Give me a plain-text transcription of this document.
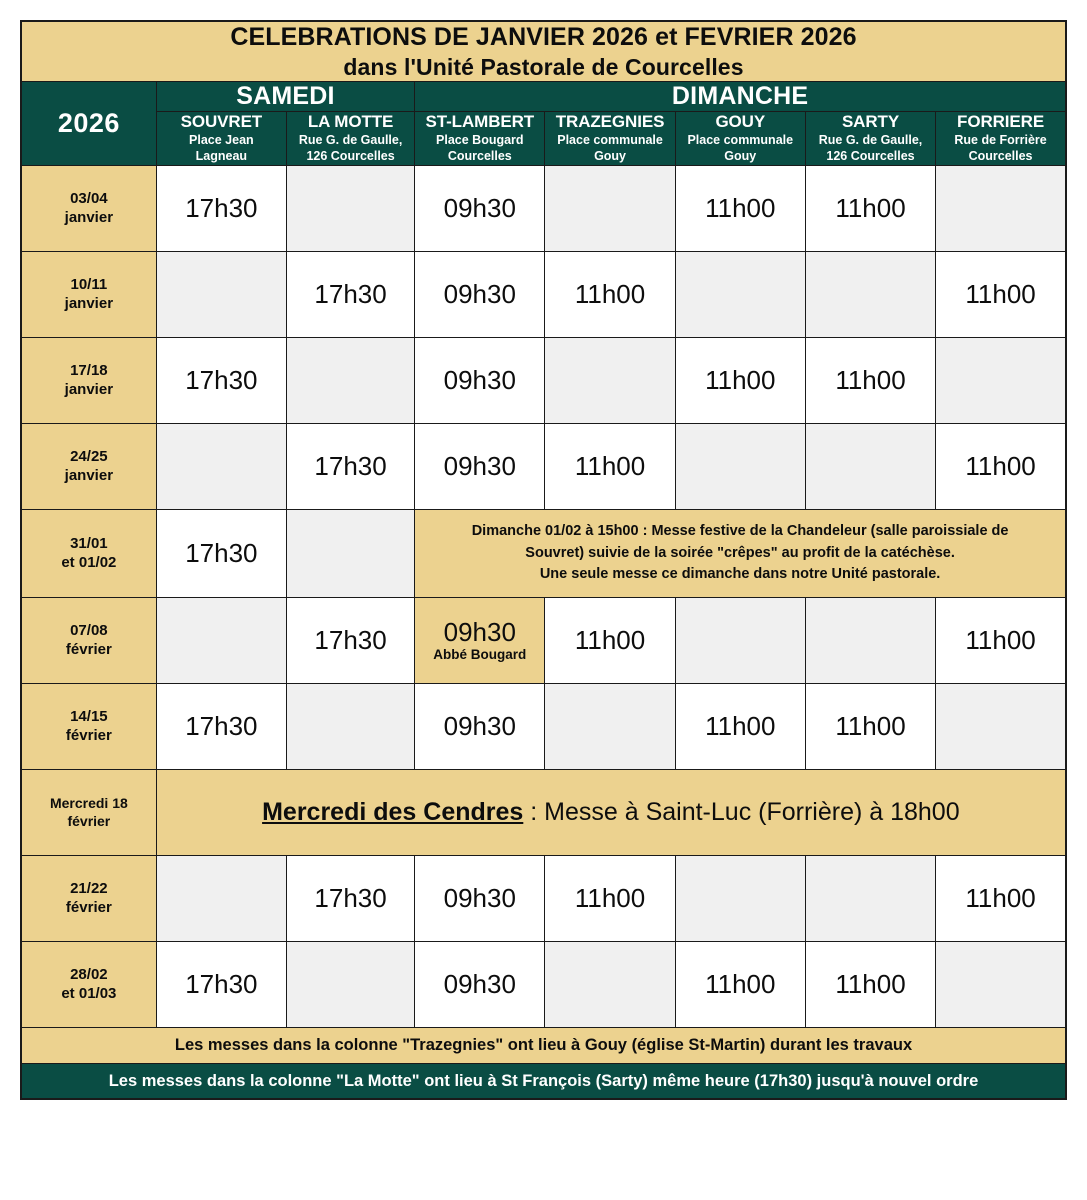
CELEBRATIONS DE JANVIER 2026 et FEVRIER 2026
dans l'Unité Pastorale de Courcelles							

2026	SAMEDI		DIMANCHE				

	SOUVRET
Place Jean
Lagneau	LA MOTTE
Rue G. de Gaulle,
126 Courcelles	ST-LAMBERT
Place Bougard
Courcelles	TRAZEGNIES
Place communale
Gouy	GOUY
Place communale
Gouy	SARTY
Rue G. de Gaulle,
126 Courcelles	FORRIERE
Rue de Forrière
Courcelles

03/04
janvier	17h30		09h30		11h00	11h00	

10/11
janvier		17h30	09h30	11h00			11h00

17/18
janvier	17h30		09h30		11h00	11h00	

24/25
janvier		17h30	09h30	11h00			11h00

31/01
et 01/02	17h30

Dimanche 01/02 à 15h00 : Messe festive de la Chandeleur (salle paroissiale de
Souvret) suivie de la soirée "crêpes" au profit de la catéchèse.
Une seule messe ce dimanche dans notre Unité pastorale.

07/08
février		17h30	09h30
Abbé Bougard	11h00			11h00

14/15
février	17h30		09h30		11h00	11h00	

Mercredi 18
février	Mercredi des Cendres : Messe à Saint-Luc (Forrière) à 18h00						

21/22
février		17h30	09h30	11h00			11h00

28/02
et 01/03	17h30		09h30		11h00	11h00	

Les messes dans la colonne "Trazegnies" ont lieu à Gouy (église St-Martin) durant les travaux							
Les messes dans la colonne "La Motte" ont lieu à St François (Sarty) même heure (17h30) jusqu'à nouvel ordre							
